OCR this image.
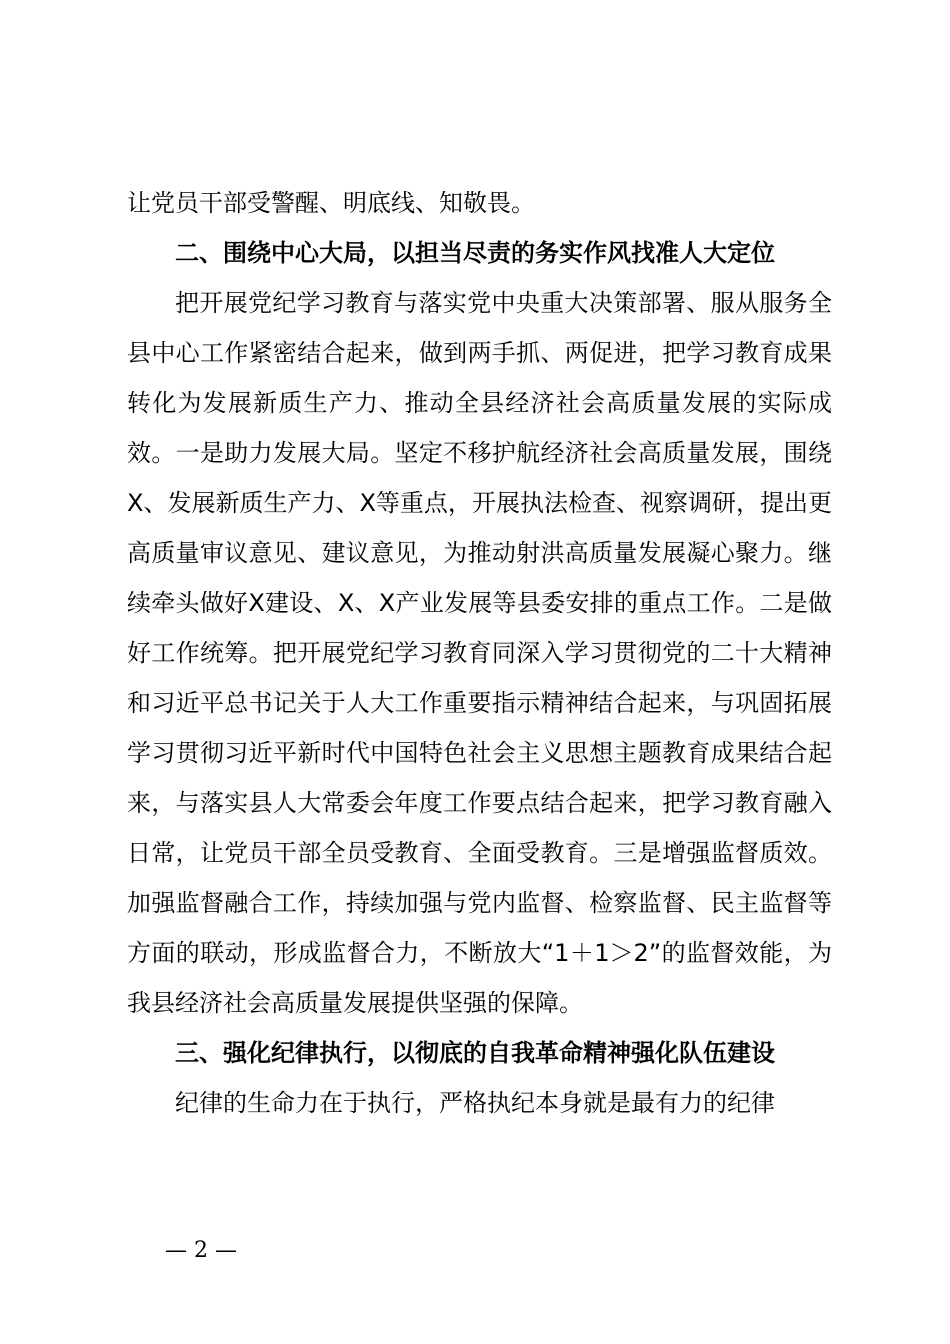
让党员干部受警醒、明底线、知敬畏。

二、围绕中心大局，以担当尽责的务实作风找准人大定位

把开展党纪学习教育与落实党中央重大决策部署、服从服务全县中心工作紧密结合起来，做到两手抓、两促进，把学习教育成果转化为发展新质生产力、推动全县经济社会高质量发展的实际成效。一是助力发展大局。坚定不移护航经济社会高质量发展，围绕X、发展新质生产力、X等重点，开展执法检查、视察调研，提出更高质量审议意见、建议意见，为推动射洪高质量发展凝心聚力。继续牵头做好X建设、X、X产业发展等县委安排的重点工作。二是做好工作统筹。把开展党纪学习教育同深入学习贯彻党的二十大精神和习近平总书记关于人大工作重要指示精神结合起来，与巩固拓展学习贯彻习近平新时代中国特色社会主义思想主题教育成果结合起来，与落实县人大常委会年度工作要点结合起来，把学习教育融入日常，让党员干部全员受教育、全面受教育。三是增强监督质效。加强监督融合工作，持续加强与党内监督、检察监督、民主监督等方面的联动，形成监督合力，不断放大“1＋1＞2”的监督效能，为我县经济社会高质量发展提供坚强的保障。

三、强化纪律执行，以彻底的自我革命精神强化队伍建设

纪律的生命力在于执行，严格执纪本身就是最有力的纪律

— 2 —
